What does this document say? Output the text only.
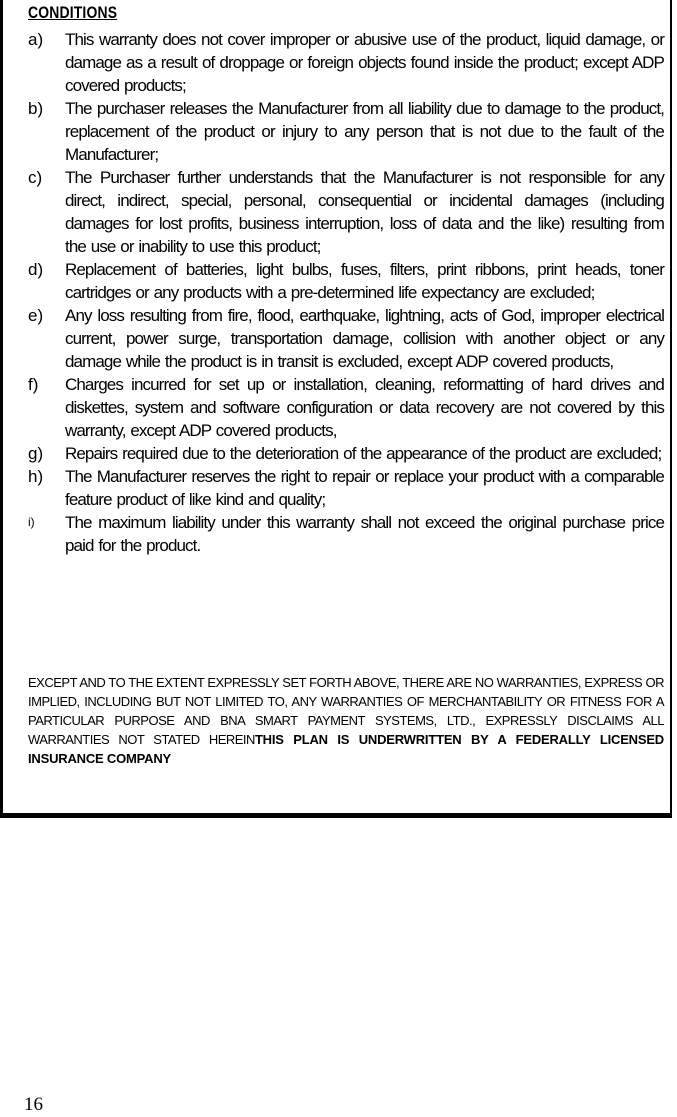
CONDITIONS
a) This warranty does not cover improper or abusive use of the product, liquid damage, or damage as a result of droppage or foreign objects found inside the product; except ADP covered products;
b) The purchaser releases the Manufacturer from all liability due to damage to the product, replacement of the product or injury to any person that is not due to the fault of the Manufacturer;
c) The Purchaser further understands that the Manufacturer is not responsible for any direct, indirect, special, personal, consequential or incidental damages (including damages for lost profits, business interruption, loss of data and the like) resulting from the use or inability to use this product;
d) Replacement of batteries, light bulbs, fuses, filters, print ribbons, print heads, toner cartridges or any products with a pre-determined life expectancy are excluded;
e) Any loss resulting from fire, flood, earthquake, lightning, acts of God, improper electrical current, power surge, transportation damage, collision with another object or any damage while the product is in transit is excluded, except ADP covered products,
f) Charges incurred for set up or installation, cleaning, reformatting of hard drives and diskettes, system and software configuration or data recovery are not covered by this warranty, except ADP covered products,
g) Repairs required due to the deterioration of the appearance of the product are excluded;
h) The Manufacturer reserves the right to repair or replace your product with a comparable feature product of like kind and quality;
i) The maximum liability under this warranty shall not exceed the original purchase price paid for the product.

EXCEPT AND TO THE EXTENT EXPRESSLY SET FORTH ABOVE, THERE ARE NO WARRANTIES, EXPRESS OR IMPLIED, INCLUDING BUT NOT LIMITED TO, ANY WARRANTIES OF MERCHANTABILITY OR FITNESS FOR A PARTICULAR PURPOSE AND BNA SMART PAYMENT SYSTEMS, LTD., EXPRESSLY DISCLAIMS ALL WARRANTIES NOT STATED HEREINTHIS PLAN IS UNDERWRITTEN BY A FEDERALLY LICENSED INSURANCE COMPANY

16
